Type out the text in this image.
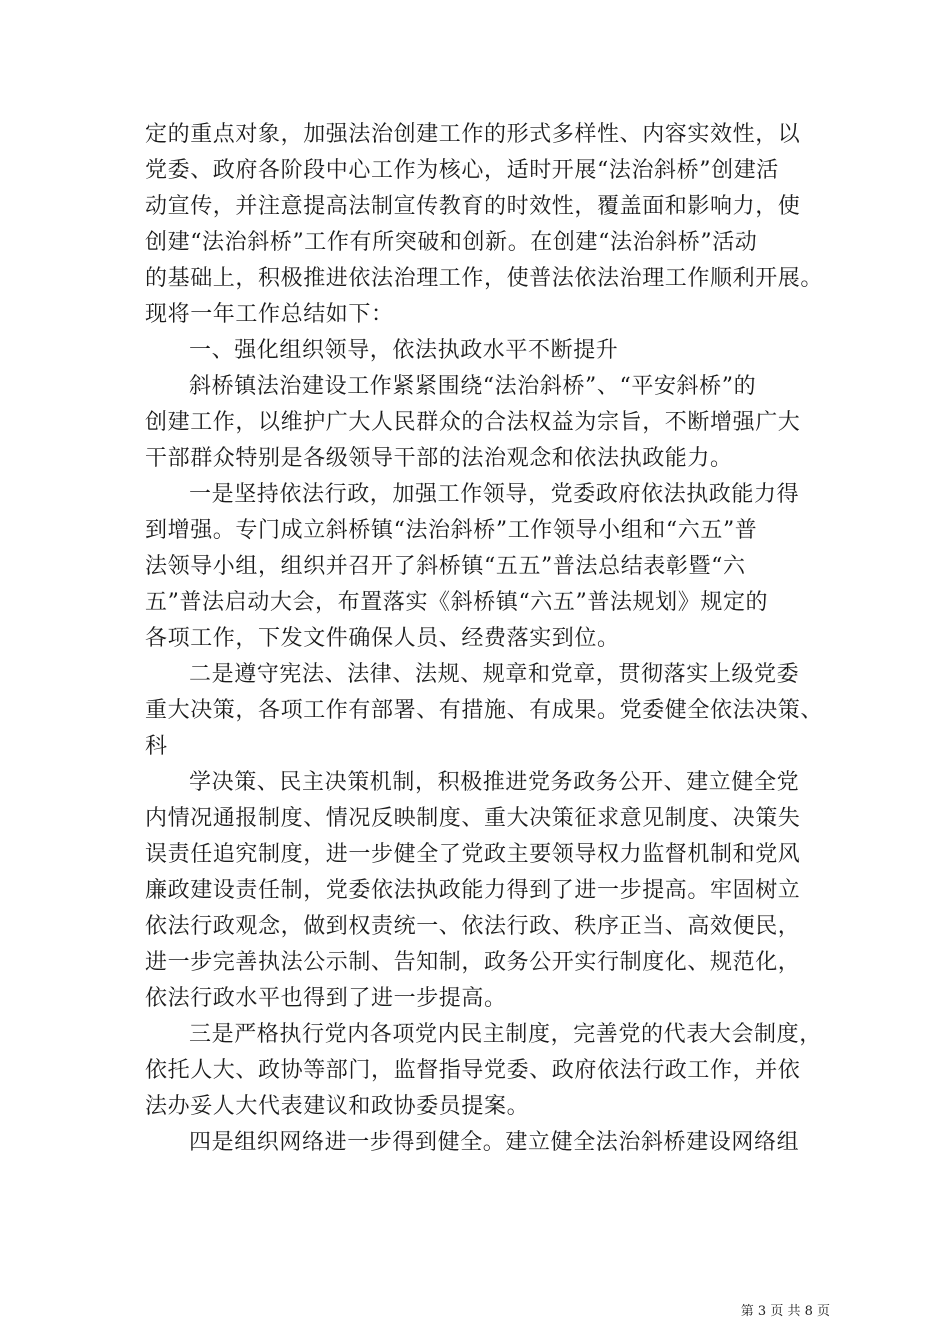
定的重点对象，加强法治创建工作的形式多样性、内容实效性，以
党委、政府各阶段中心工作为核心，适时开展“法治斜桥”创建活
动宣传，并注意提高法制宣传教育的时效性，覆盖面和影响力，使
创建“法治斜桥”工作有所突破和创新。在创建“法治斜桥”活动
的基础上，积极推进依法治理工作，使普法依法治理工作顺利开展。
现将一年工作总结如下：
一、强化组织领导，依法执政水平不断提升
斜桥镇法治建设工作紧紧围绕“法治斜桥”、“平安斜桥”的
创建工作，以维护广大人民群众的合法权益为宗旨，不断增强广大
干部群众特别是各级领导干部的法治观念和依法执政能力。
一是坚持依法行政，加强工作领导，党委政府依法执政能力得
到增强。专门成立斜桥镇“法治斜桥”工作领导小组和“六五”普
法领导小组，组织并召开了斜桥镇“五五”普法总结表彰暨“六
五”普法启动大会，布置落实《斜桥镇“六五”普法规划》规定的
各项工作，下发文件确保人员、经费落实到位。
二是遵守宪法、法律、法规、规章和党章，贯彻落实上级党委
重大决策，各项工作有部署、有措施、有成果。党委健全依法决策、
科
学决策、民主决策机制，积极推进党务政务公开、建立健全党
内情况通报制度、情况反映制度、重大决策征求意见制度、决策失
误责任追究制度，进一步健全了党政主要领导权力监督机制和党风
廉政建设责任制，党委依法执政能力得到了进一步提高。牢固树立
依法行政观念，做到权责统一、依法行政、秩序正当、高效便民，
进一步完善执法公示制、告知制，政务公开实行制度化、规范化，
依法行政水平也得到了进一步提高。
三是严格执行党内各项党内民主制度，完善党的代表大会制度，
依托人大、政协等部门，监督指导党委、政府依法行政工作，并依
法办妥人大代表建议和政协委员提案。
四是组织网络进一步得到健全。建立健全法治斜桥建设网络组
第 3 页 共 8 页
